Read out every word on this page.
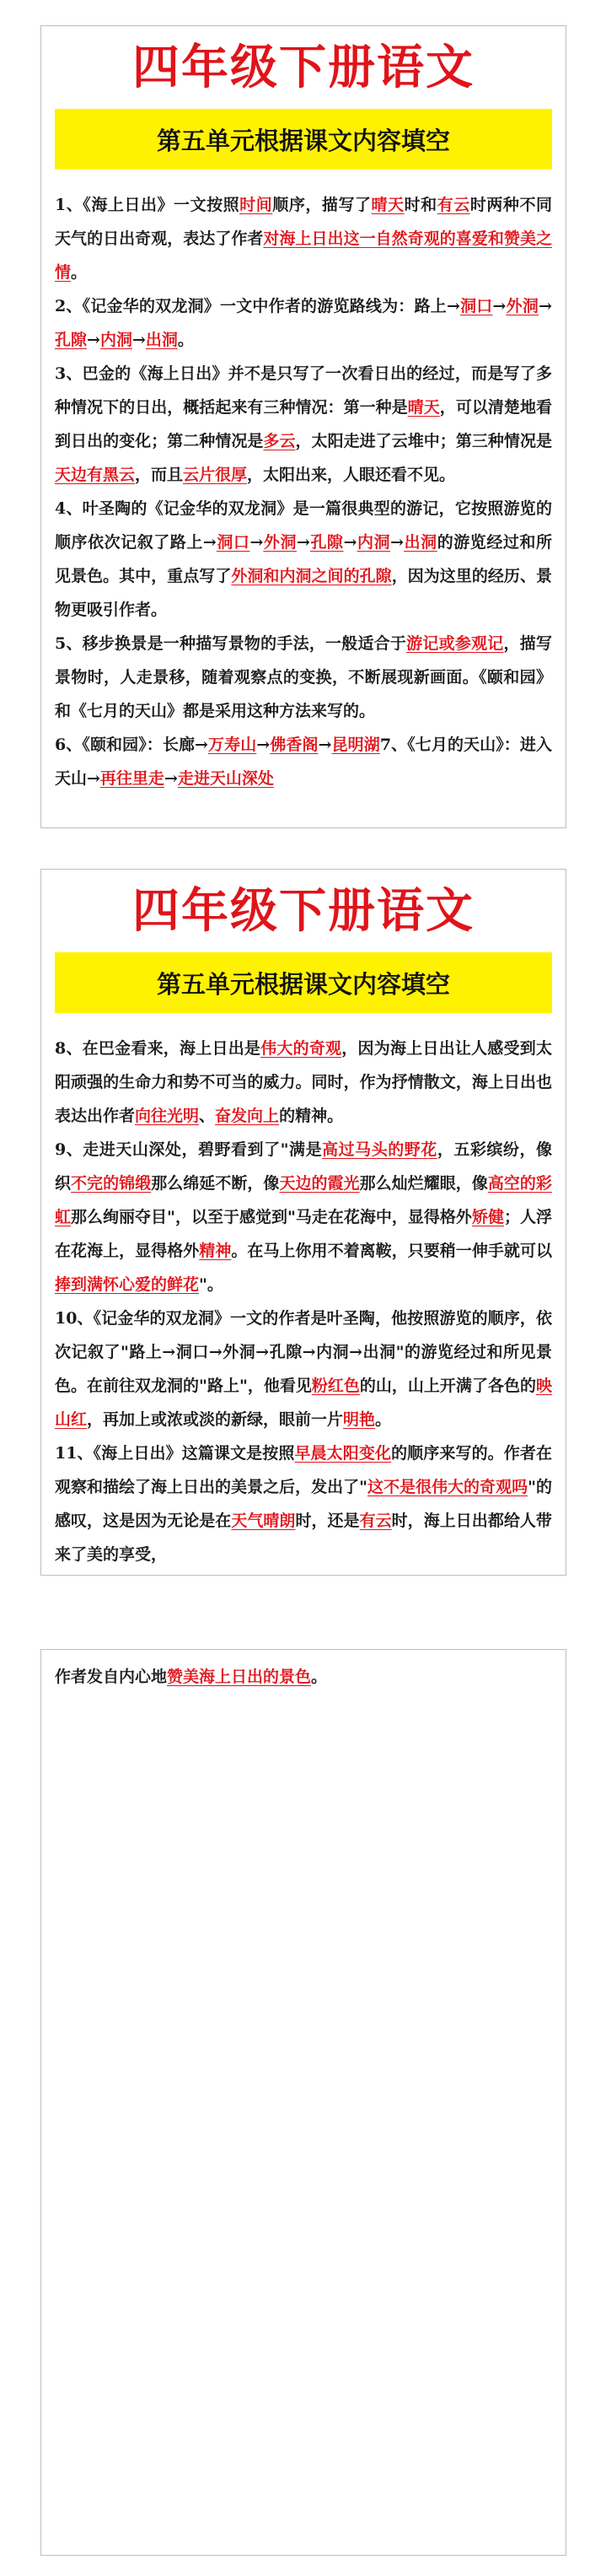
四年级下册语文
第五单元根据课文内容填空

1、《海上日出》一文按照时间顺序，描写了晴天时和有云时两种不同天气的日出奇观，表达了作者对海上日出这一自然奇观的喜爱和赞美之情。

2、《记金华的双龙洞》一文中作者的游览路线为：路上→洞口→外洞→孔隙→内洞→出洞。

3、巴金的《海上日出》并不是只写了一次看日出的经过，而是写了多种情况下的日出，概括起来有三种情况：第一种是晴天，可以清楚地看到日出的变化；第二种情况是多云，太阳走进了云堆中；第三种情况是天边有黑云，而且云片很厚，太阳出来，人眼还看不见。

4、叶圣陶的《记金华的双龙洞》是一篇很典型的游记，它按照游览的顺序依次记叙了路上→洞口→外洞→孔隙→内洞→出洞的游览经过和所见景色。其中，重点写了外洞和内洞之间的孔隙，因为这里的经历、景物更吸引作者。

5、移步换景是一种描写景物的手法，一般适合于游记或参观记，描写景物时，人走景移，随着观察点的变换，不断展现新画面。《颐和园》和《七月的天山》都是采用这种方法来写的。

6、《颐和园》：长廊→万寿山→佛香阁→昆明湖7、《七月的天山》：进入天山→再往里走→走进天山深处

四年级下册语文
第五单元根据课文内容填空

8、在巴金看来，海上日出是伟大的奇观，因为海上日出让人感受到太阳顽强的生命力和势不可当的威力。同时，作为抒情散文，海上日出也表达出作者向往光明、奋发向上的精神。

9、走进天山深处，碧野看到了"满是高过马头的野花，五彩缤纷，像织不完的锦缎那么绵延不断，像天边的霞光那么灿烂耀眼，像高空的彩虹那么绚丽夺目"，以至于感觉到"马走在花海中，显得格外矫健；人浮在花海上，显得格外精神。在马上你用不着离鞍，只要稍一伸手就可以捧到满怀心爱的鲜花"。

10、《记金华的双龙洞》一文的作者是叶圣陶，他按照游览的顺序，依次记叙了"路上→洞口→外洞→孔隙→内洞→出洞"的游览经过和所见景色。在前往双龙洞的"路上"，他看见粉红色的山，山上开满了各色的映山红，再加上或浓或淡的新绿，眼前一片明艳。

11、《海上日出》这篇课文是按照早晨太阳变化的顺序来写的。作者在观察和描绘了海上日出的美景之后，发出了"这不是很伟大的奇观吗"的感叹，这是因为无论是在天气晴朗时，还是有云时，海上日出都给人带来了美的享受，

作者发自内心地赞美海上日出的景色。
